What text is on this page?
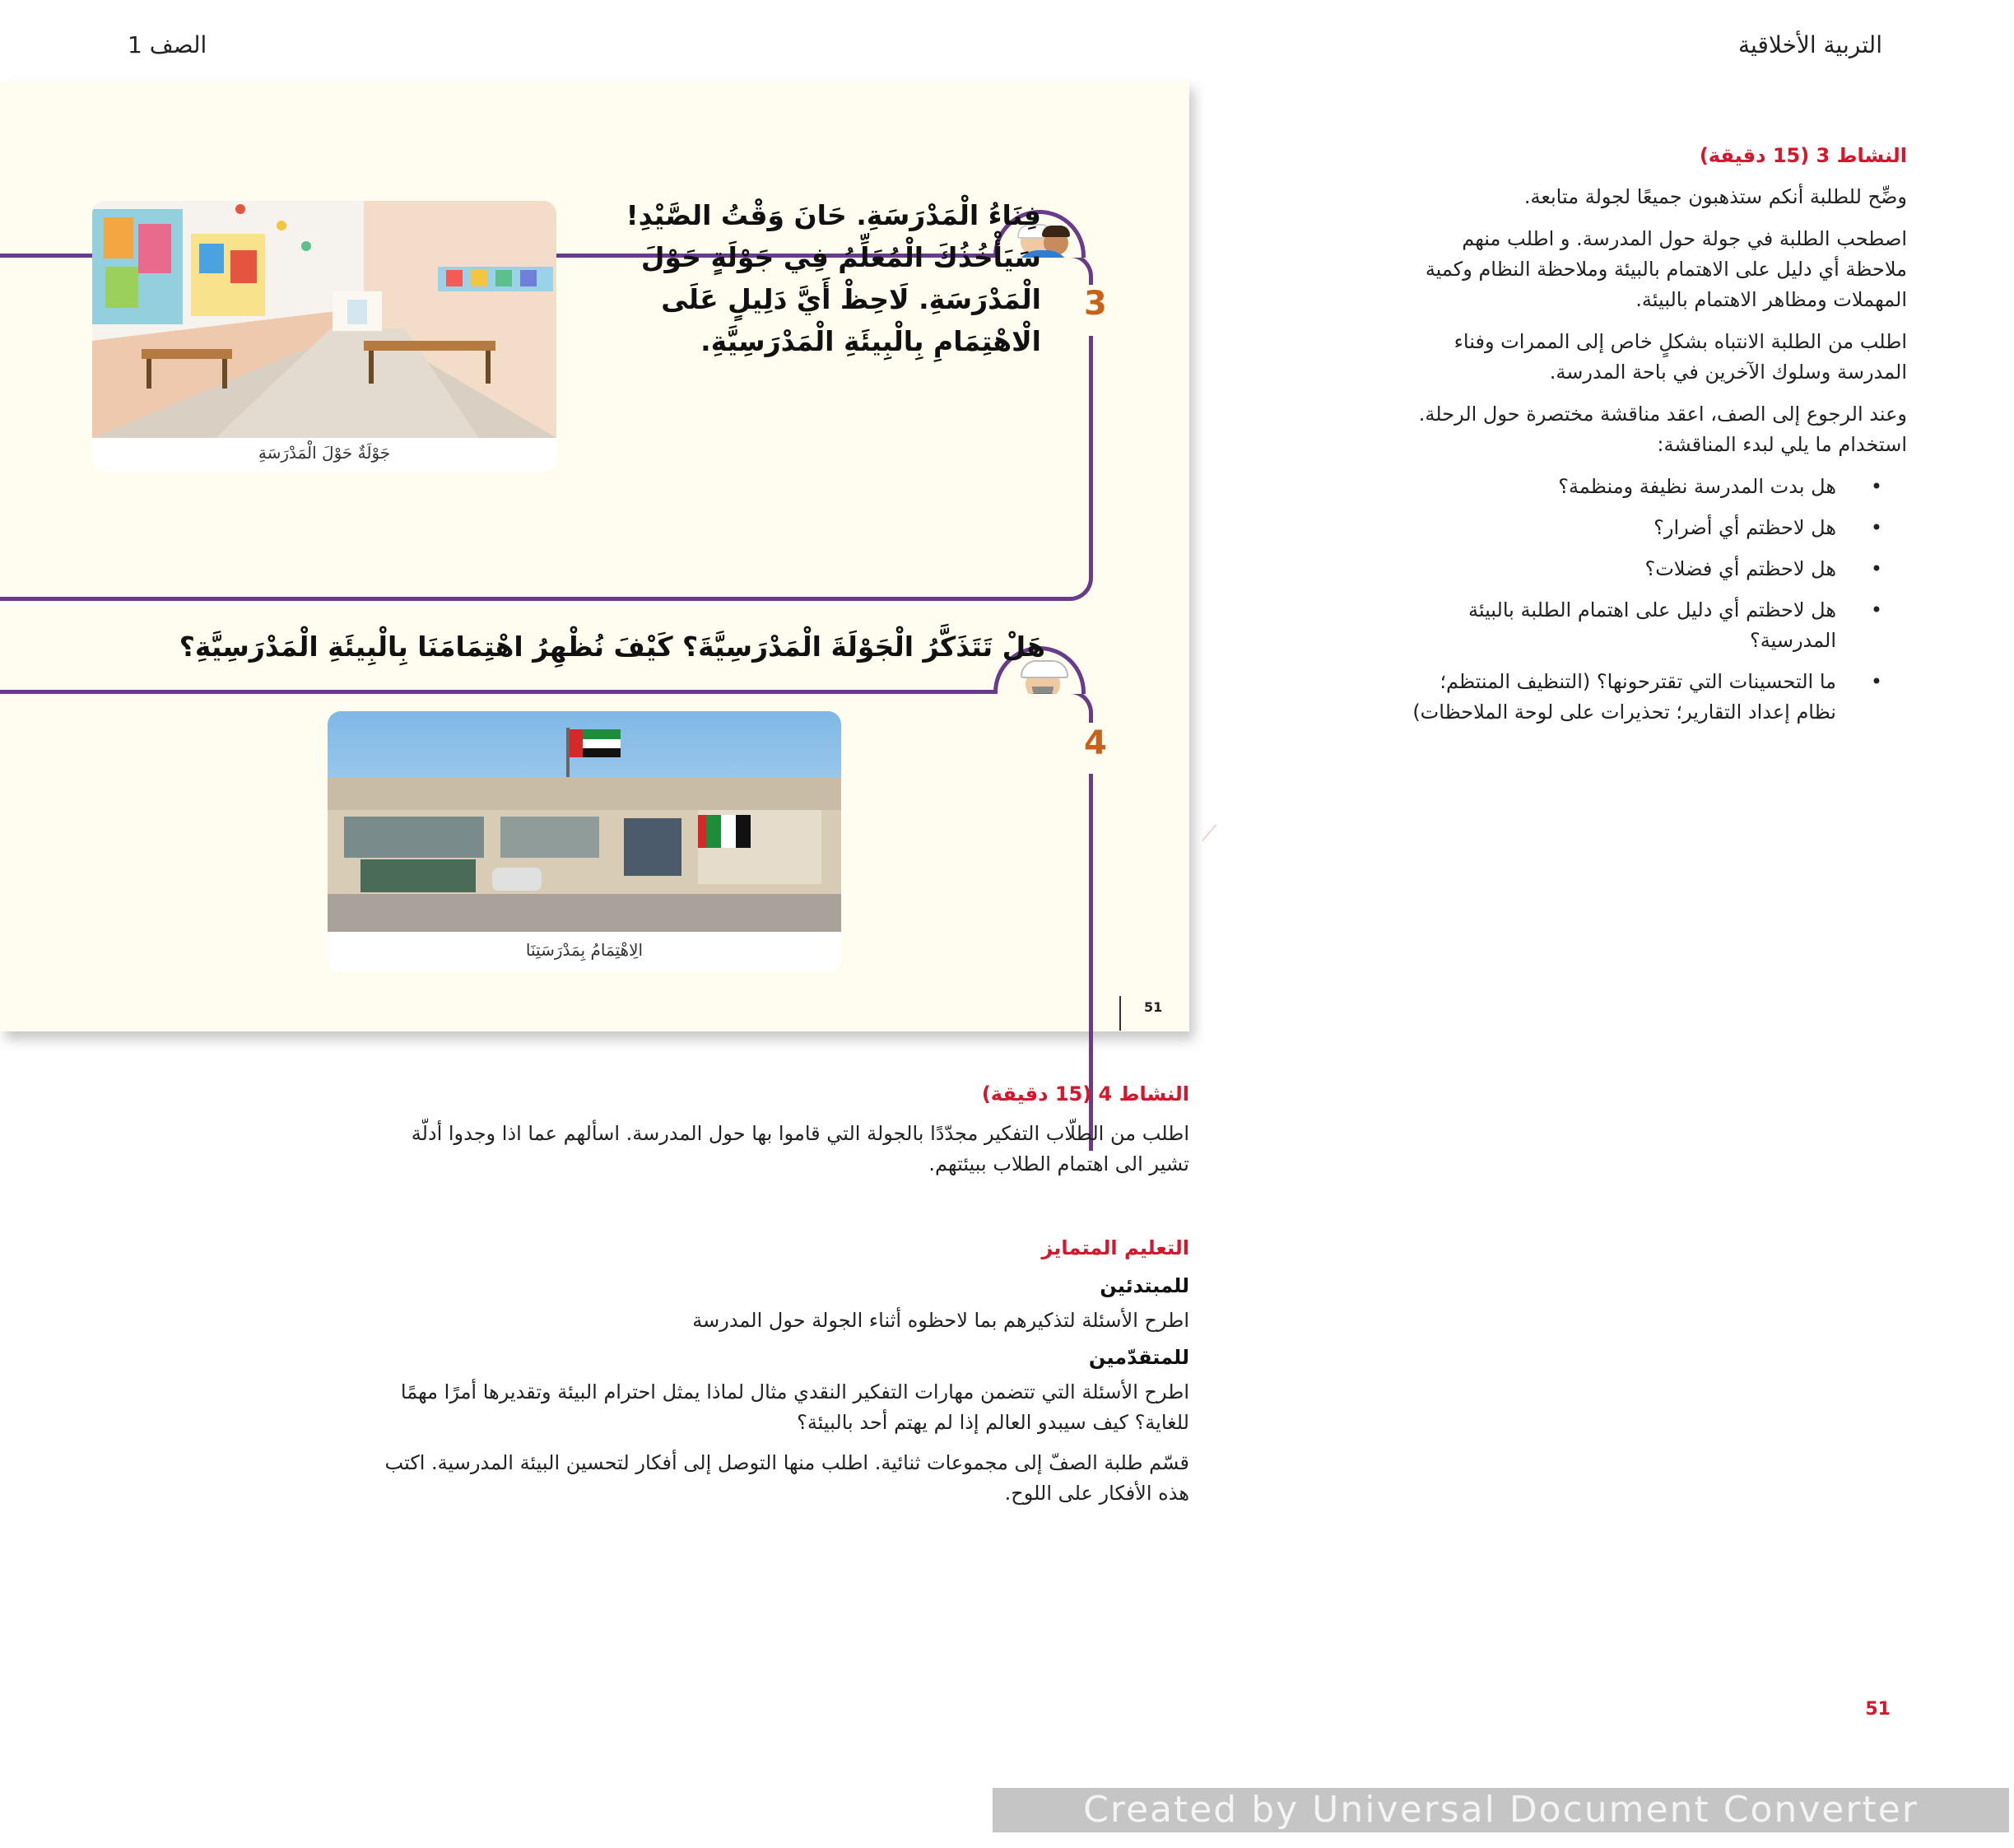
التربية الأخلاقية
الصف 1
3
فِنَاءُ الْمَدْرَسَةِ. حَانَ وَقْتُ الصَّيْدِ!
سَيَأْخُذُكَ الْمُعَلِّمُ فِي جَوْلَةٍ حَوْلَ
الْمَدْرَسَةِ. لَاحِظْ أَيَّ دَلِيلٍ عَلَى
الْاهْتِمَامِ بِالْبِيئَةِ الْمَدْرَسِيَّةِ.
جَوْلَةٌ حَوْلَ الْمَدْرَسَةِ
4
هَلْ تَتَذَكَّرُ الْجَوْلَةَ الْمَدْرَسِيَّةَ؟ كَيْفَ نُظْهِرُ اهْتِمَامَنَا بِالْبِيئَةِ الْمَدْرَسِيَّةِ؟
الِاهْتِمَامُ بِمَدْرَسَتِنَا
51
⟋
النشاط 3 (15 دقيقة)
وضِّح للطلبة أنكم ستذهبون جميعًا لجولة متابعة.
اصطحب الطلبة في جولة حول المدرسة. و اطلب منهم
ملاحظة أي دليل على الاهتمام بالبيئة وملاحظة النظام وكمية
المهملات ومظاهر الاهتمام بالبيئة.
اطلب من الطلبة الانتباه بشكلٍ خاص إلى الممرات وفناء
المدرسة وسلوك الآخرين في باحة المدرسة.
وعند الرجوع إلى الصف، اعقد مناقشة مختصرة حول الرحلة.
استخدام ما يلي لبدء المناقشة:
• هل بدت المدرسة نظيفة ومنظمة؟
• هل لاحظتم أي أضرار؟
• هل لاحظتم أي فضلات؟
• هل لاحظتم أي دليل على اهتمام الطلبة بالبيئة
المدرسية؟
• ما التحسينات التي تقترحونها؟ (التنظيف المنتظم؛
نظام إعداد التقارير؛ تحذيرات على لوحة الملاحظات)
النشاط 4 (15 دقيقة)
اطلب من الطلّاب التفكير مجدّدًا بالجولة التي قاموا بها حول المدرسة. اسألهم عما اذا وجدوا أدلّة
تشير الى اهتمام الطلاب ببيئتهم.
التعليم المتمايز
للمبتدئين
اطرح الأسئلة لتذكيرهم بما لاحظوه أثناء الجولة حول المدرسة
للمتقدّمين
اطرح الأسئلة التي تتضمن مهارات التفكير النقدي مثال لماذا يمثل احترام البيئة وتقديرها أمرًا مهمًا
للغاية؟ كيف سيبدو العالم إذا لم يهتم أحد بالبيئة؟
قسّم طلبة الصفّ إلى مجموعات ثنائية. اطلب منها التوصل إلى أفكار لتحسين البيئة المدرسية. اكتب
هذه الأفكار على اللوح.
51
Created by Universal Document Converter
